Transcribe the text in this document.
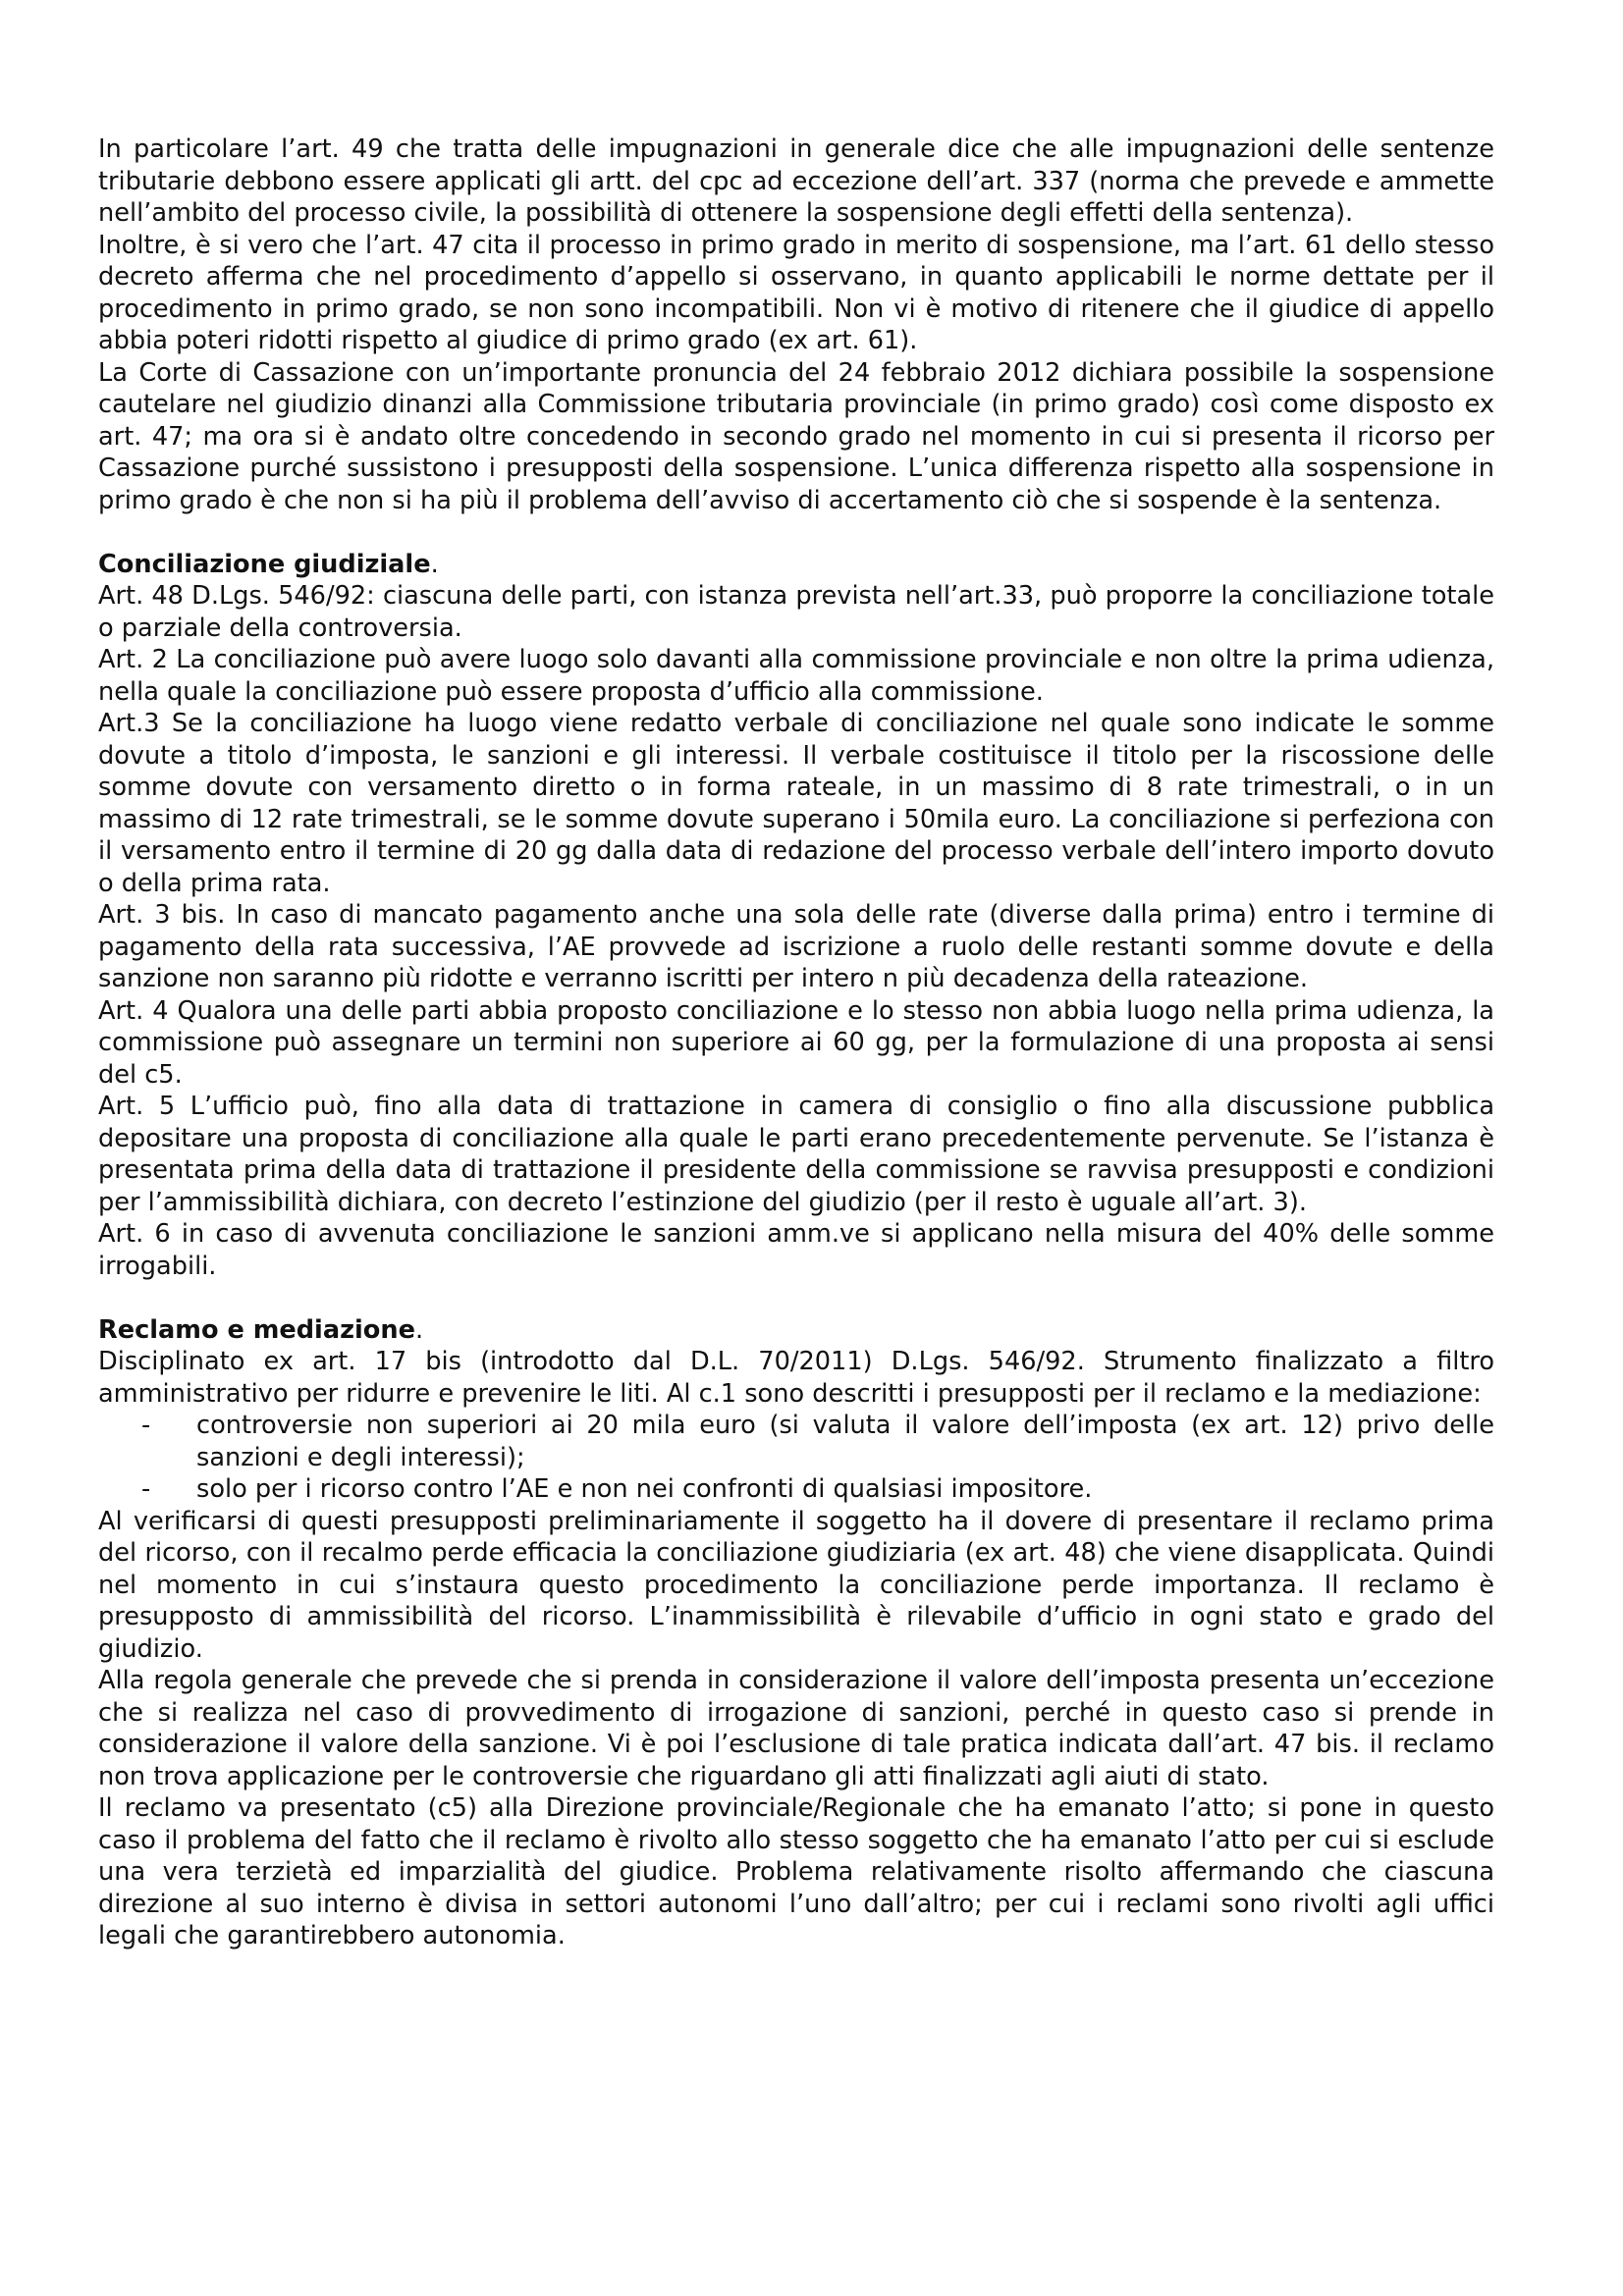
In particolare l’art. 49 che tratta delle impugnazioni in generale dice che alle impugnazioni delle sentenze tributarie debbono essere applicati gli artt. del cpc ad eccezione dell’art. 337 (norma che prevede e ammette nell’ambito del processo civile, la possibilità di ottenere la sospensione degli effetti della sentenza).

Inoltre, è si vero che l’art. 47 cita il processo in primo grado in merito di sospensione, ma l’art. 61 dello stesso decreto afferma che nel procedimento d’appello si osservano, in quanto applicabili le norme dettate per il procedimento in primo grado, se non sono incompatibili. Non vi è motivo di ritenere che il giudice di appello abbia poteri ridotti rispetto al giudice di primo grado (ex art. 61).

La Corte di Cassazione con un’importante pronuncia del 24 febbraio 2012 dichiara possibile la sospensione cautelare nel giudizio dinanzi alla Commissione tributaria provinciale (in primo grado) così come disposto ex art. 47; ma ora si è andato oltre concedendo in secondo grado nel momento in cui si presenta il ricorso per Cassazione purché sussistono i presupposti della sospensione. L’unica differenza rispetto alla sospensione in primo grado è che non si ha più il problema dell’avviso di accertamento ciò che si sospende è la sentenza.

Conciliazione giudiziale.

Art. 48 D.Lgs. 546/92: ciascuna delle parti, con istanza prevista nell’art.33, può proporre la conciliazione totale o parziale della controversia.

Art. 2 La conciliazione può avere luogo solo davanti alla commissione provinciale e non oltre la prima udienza, nella quale la conciliazione può essere proposta d’ufficio alla commissione.

Art.3 Se la conciliazione ha luogo viene redatto verbale di conciliazione nel quale sono indicate le somme dovute a titolo d’imposta, le sanzioni e gli interessi. Il verbale costituisce il titolo per la riscossione delle somme dovute con versamento diretto o in forma rateale, in un massimo di 8 rate trimestrali, o in un massimo di 12 rate trimestrali, se le somme dovute superano i 50mila euro. La conciliazione si perfeziona con il versamento entro il termine di 20 gg dalla data di redazione del processo verbale dell’intero importo dovuto o della prima rata.

Art. 3 bis. In caso di mancato pagamento anche una sola delle rate (diverse dalla prima) entro i termine di pagamento della rata successiva, l’AE provvede ad iscrizione a ruolo delle restanti somme dovute e della sanzione non saranno più ridotte e verranno iscritti per intero n più decadenza della rateazione.

Art. 4 Qualora una delle parti abbia proposto conciliazione e lo stesso non abbia luogo nella prima udienza, la commissione può assegnare un termini non superiore ai 60 gg, per la formulazione di una proposta ai sensi del c5.

Art. 5 L’ufficio può, fino alla data di trattazione in camera di consiglio o fino alla discussione pubblica depositare una proposta di conciliazione alla quale le parti erano precedentemente pervenute. Se l’istanza è presentata prima della data di trattazione il presidente della commissione se ravvisa presupposti e condizioni per l’ammissibilità dichiara, con decreto l’estinzione del giudizio (per il resto è uguale all’art. 3).

Art. 6 in caso di avvenuta conciliazione le sanzioni amm.ve si applicano nella misura del 40% delle somme irrogabili.

Reclamo e mediazione.

Disciplinato ex art. 17 bis (introdotto dal D.L. 70/2011) D.Lgs. 546/92. Strumento finalizzato a filtro amministrativo per ridurre e prevenire le liti. Al c.1 sono descritti i presupposti per il reclamo e la mediazione:

- controversie non superiori ai 20 mila euro (si valuta il valore dell’imposta (ex art. 12) privo delle sanzioni e degli interessi);
- solo per i ricorso contro l’AE e non nei confronti di qualsiasi impositore.

Al verificarsi di questi presupposti preliminariamente il soggetto ha il dovere di presentare il reclamo prima del ricorso, con il recalmo perde efficacia la conciliazione giudiziaria (ex art. 48) che viene disapplicata. Quindi nel momento in cui s’instaura questo procedimento la conciliazione perde importanza. Il reclamo è presupposto di ammissibilità del ricorso. L’inammissibilità è rilevabile d’ufficio in ogni stato e grado del giudizio.

Alla regola generale che prevede che si prenda in considerazione il valore dell’imposta presenta un’eccezione che si realizza nel caso di provvedimento di irrogazione di sanzioni, perché in questo caso si prende in considerazione il valore della sanzione. Vi è poi l’esclusione di tale pratica indicata dall’art. 47 bis. il reclamo non trova applicazione per le controversie che riguardano gli atti finalizzati agli aiuti di stato.

Il reclamo va presentato (c5) alla Direzione provinciale/Regionale che ha emanato l’atto; si pone in questo caso il problema del fatto che il reclamo è rivolto allo stesso soggetto che ha emanato l’atto per cui si esclude una vera terzietà ed imparzialità del giudice. Problema relativamente risolto affermando che ciascuna direzione al suo interno è divisa in settori autonomi l’uno dall’altro; per cui i reclami sono rivolti agli uffici legali che garantirebbero autonomia.
